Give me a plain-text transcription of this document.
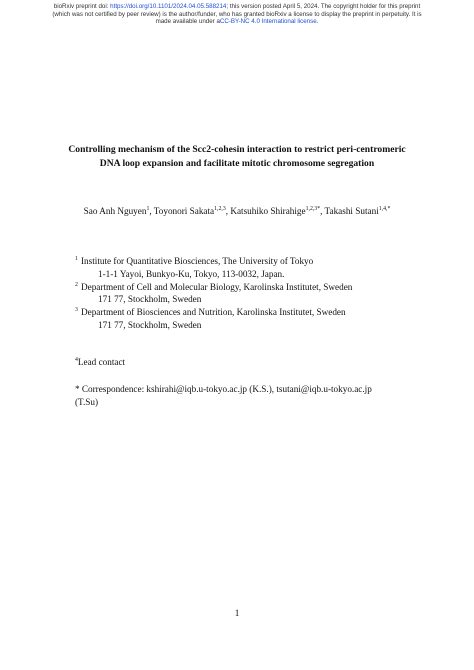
bioRxiv preprint doi: https://doi.org/10.1101/2024.04.05.588214; this version posted April 5, 2024. The copyright holder for this preprint
(which was not certified by peer review) is the author/funder, who has granted bioRxiv a license to display the preprint in perpetuity. It is
made available under aCC-BY-NC 4.0 International license.
Controlling mechanism of the Scc2-cohesin interaction to restrict peri-centromeric
DNA loop expansion and facilitate mitotic chromosome segregation
Sao Anh Nguyen$^1$, Toyonori Sakata$^{1,2,3}$, Katsuhiko Shirahige$^{1,2,3*}$, Takashi Sutani$^{1,4,*}$
1 Institute for Quantitative Biosciences, The University of Tokyo
1-1-1 Yayoi, Bunkyo-Ku, Tokyo, 113-0032, Japan.
2 Department of Cell and Molecular Biology, Karolinska Institutet, Sweden
171 77, Stockholm, Sweden
3 Department of Biosciences and Nutrition, Karolinska Institutet, Sweden
171 77, Stockholm, Sweden
$^4$Lead contact
* Correspondence: kshirahi@iqb.u-tokyo.ac.jp (K.S.), tsutani@iqb.u-tokyo.ac.jp
(T.Su)
1
